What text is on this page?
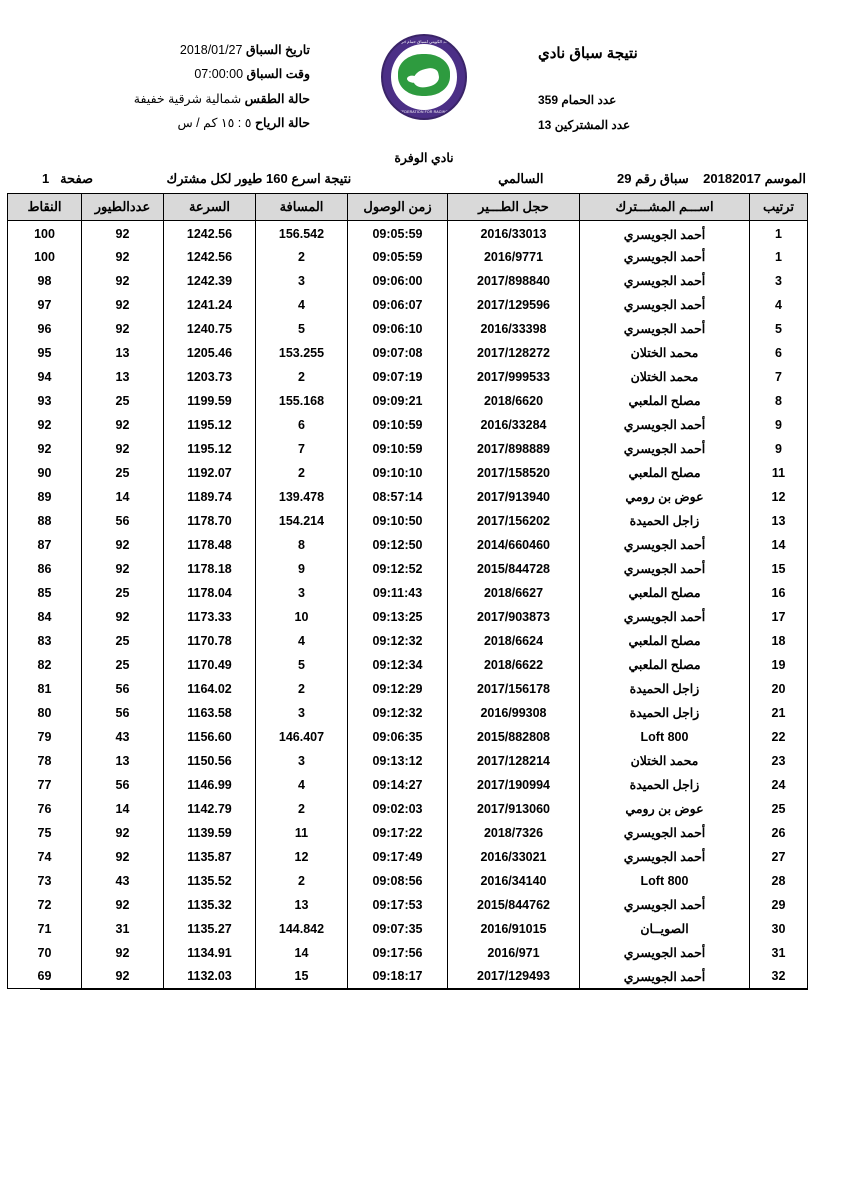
نتيجة سباق نادي
عدد الحمام 359
عدد المشتركين 13
الاتحاد الكويتي لسباق حمام الزاجل
KUWAIT FEDERATION FOR RACING PIGEON
تاريخ السباق 2018/01/27
وقت السباق 07:00:00
حالة الطقس شمالية شرقية خفيفة
حالة الرياح ٥ : ١٥ كم / س
نادي الوفرة
الموسم 20182017    سباق رقم 29
السالمي
نتيجة اسرع 160 طيور لكل مشترك
صفحة   1
ترتيب	اســـم المشـــترك	حجل الطـــير	زمن الوصول	المسافة	السرعة	عددالطيور	النقاط
1	أحمد الجويسري	2016/33013	09:05:59	156.542	1242.56	92	100
1	أحمد الجويسري	2016/9771	09:05:59	2	1242.56	92	100
3	أحمد الجويسري	2017/898840	09:06:00	3	1242.39	92	98
4	أحمد الجويسري	2017/129596	09:06:07	4	1241.24	92	97
5	أحمد الجويسري	2016/33398	09:06:10	5	1240.75	92	96
6	محمد الختلان	2017/128272	09:07:08	153.255	1205.46	13	95
7	محمد الختلان	2017/999533	09:07:19	2	1203.73	13	94
8	مصلح الملعبي	2018/6620	09:09:21	155.168	1199.59	25	93
9	أحمد الجويسري	2016/33284	09:10:59	6	1195.12	92	92
9	أحمد الجويسري	2017/898889	09:10:59	7	1195.12	92	92
11	مصلح الملعبي	2017/158520	09:10:10	2	1192.07	25	90
12	عوض بن رومي	2017/913940	08:57:14	139.478	1189.74	14	89
13	زاجل الحميدة	2017/156202	09:10:50	154.214	1178.70	56	88
14	أحمد الجويسري	2014/660460	09:12:50	8	1178.48	92	87
15	أحمد الجويسري	2015/844728	09:12:52	9	1178.18	92	86
16	مصلح الملعبي	2018/6627	09:11:43	3	1178.04	25	85
17	أحمد الجويسري	2017/903873	09:13:25	10	1173.33	92	84
18	مصلح الملعبي	2018/6624	09:12:32	4	1170.78	25	83
19	مصلح الملعبي	2018/6622	09:12:34	5	1170.49	25	82
20	زاجل الحميدة	2017/156178	09:12:29	2	1164.02	56	81
21	زاجل الحميدة	2016/99308	09:12:32	3	1163.58	56	80
22	Loft 800	2015/882808	09:06:35	146.407	1156.60	43	79
23	محمد الختلان	2017/128214	09:13:12	3	1150.56	13	78
24	زاجل الحميدة	2017/190994	09:14:27	4	1146.99	56	77
25	عوض بن رومي	2017/913060	09:02:03	2	1142.79	14	76
26	أحمد الجويسري	2018/7326	09:17:22	11	1139.59	92	75
27	أحمد الجويسري	2016/33021	09:17:49	12	1135.87	92	74
28	Loft 800	2016/34140	09:08:56	2	1135.52	43	73
29	أحمد الجويسري	2015/844762	09:17:53	13	1135.32	92	72
30	الصويــان	2016/91015	09:07:35	144.842	1135.27	31	71
31	أحمد الجويسري	2016/971	09:17:56	14	1134.91	92	70
32	أحمد الجويسري	2017/129493	09:18:17	15	1132.03	92	69
